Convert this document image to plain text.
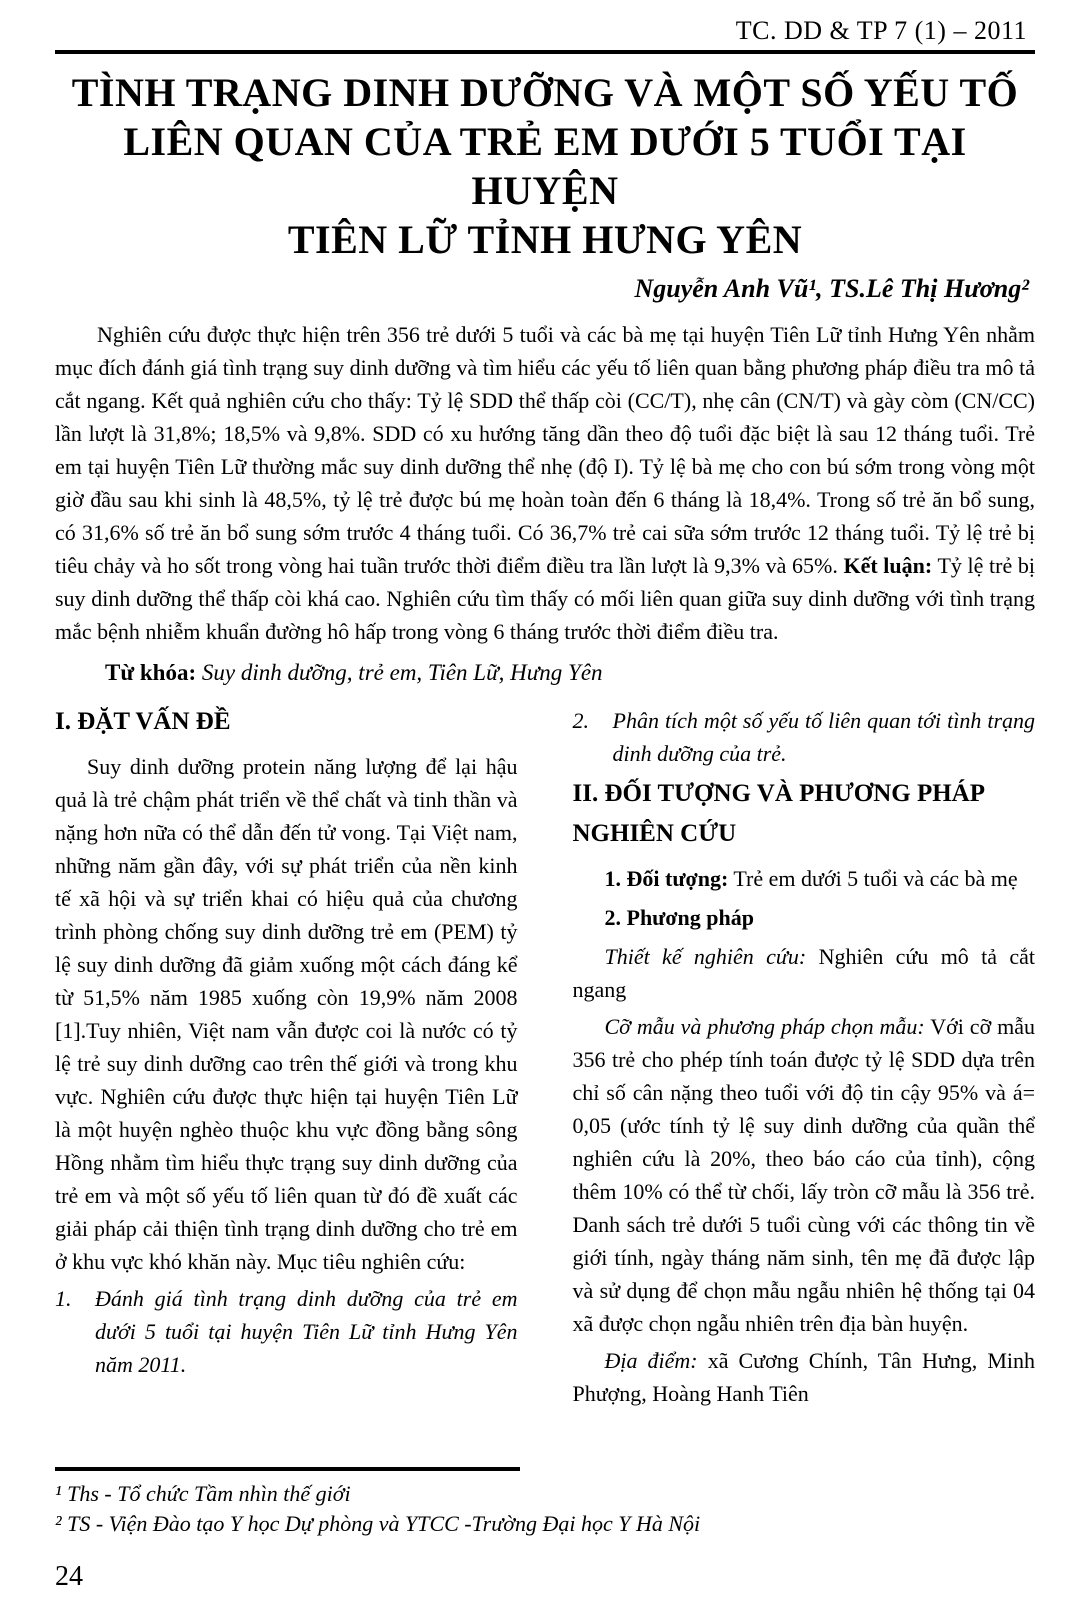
TC. DD & TP 7 (1) – 2011
TÌNH TRẠNG DINH DƯỠNG VÀ MỘT SỐ YẾU TỐ
LIÊN QUAN CỦA TRẺ EM DƯỚI 5 TUỔI TẠI HUYỆN
TIÊN LỮ TỈNH HƯNG YÊN
Nguyễn Anh Vũ¹, TS.Lê Thị Hương²

Nghiên cứu được thực hiện trên 356 trẻ dưới 5 tuổi và các bà mẹ tại huyện Tiên Lữ tỉnh Hưng Yên nhằm mục đích đánh giá tình trạng suy dinh dưỡng và tìm hiểu các yếu tố liên quan bằng phương pháp điều tra mô tả cắt ngang. Kết quả nghiên cứu cho thấy: Tỷ lệ SDD thể thấp còi (CC/T), nhẹ cân (CN/T) và gày còm (CN/CC) lần lượt là 31,8%; 18,5% và 9,8%. SDD có xu hướng tăng dần theo độ tuổi đặc biệt là sau 12 tháng tuổi. Trẻ em tại huyện Tiên Lữ thường mắc suy dinh dưỡng thể nhẹ (độ I). Tỷ lệ bà mẹ cho con bú sớm trong vòng một giờ đầu sau khi sinh là 48,5%, tỷ lệ trẻ được bú mẹ hoàn toàn đến 6 tháng là 18,4%. Trong số trẻ ăn bổ sung, có 31,6% số trẻ ăn bổ sung sớm trước 4 tháng tuổi. Có 36,7% trẻ cai sữa sớm trước 12 tháng tuổi. Tỷ lệ trẻ bị tiêu chảy và ho sốt trong vòng hai tuần trước thời điểm điều tra lần lượt là 9,3% và 65%. Kết luận: Tỷ lệ trẻ bị suy dinh dưỡng thể thấp còi khá cao. Nghiên cứu tìm thấy có mối liên quan giữa suy dinh dưỡng với tình trạng mắc bệnh nhiễm khuẩn đường hô hấp trong vòng 6 tháng trước thời điểm điều tra.

Từ khóa: Suy dinh dưỡng, trẻ em, Tiên Lữ, Hưng Yên

I. ĐẶT VẤN ĐỀ

Suy dinh dưỡng protein năng lượng để lại hậu quả là trẻ chậm phát triển về thể chất và tinh thần và nặng hơn nữa có thể dẫn đến tử vong. Tại Việt nam, những năm gần đây, với sự phát triển của nền kinh tế xã hội và sự triển khai có hiệu quả của chương trình phòng chống suy dinh dưỡng trẻ em (PEM) tỷ lệ suy dinh dưỡng đã giảm xuống một cách đáng kể từ 51,5% năm 1985 xuống còn 19,9% năm 2008 [1].Tuy nhiên, Việt nam vẫn được coi là nước có tỷ lệ trẻ suy dinh dưỡng cao trên thế giới và trong khu vực. Nghiên cứu được thực hiện tại huyện Tiên Lữ là một huyện nghèo thuộc khu vực đồng bằng sông Hồng nhằm tìm hiểu thực trạng suy dinh dưỡng của trẻ em và một số yếu tố liên quan từ đó đề xuất các giải pháp cải thiện tình trạng dinh dưỡng cho trẻ em ở khu vực khó khăn này. Mục tiêu nghiên cứu:

1.	Đánh giá tình trạng dinh dưỡng của trẻ em dưới 5 tuổi tại huyện Tiên Lữ tỉnh Hưng Yên năm 2011.
2.	Phân tích một số yếu tố liên quan tới tình trạng dinh dưỡng của trẻ.
II. ĐỐI TƯỢNG VÀ PHƯƠNG PHÁP NGHIÊN CỨU

1. Đối tượng: Trẻ em dưới 5 tuổi và các bà mẹ

2. Phương pháp

Thiết kế nghiên cứu: Nghiên cứu mô tả cắt ngang

Cỡ mẫu và phương pháp chọn mẫu: Với cỡ mẫu 356 trẻ cho phép tính toán được tỷ lệ SDD dựa trên chỉ số cân nặng theo tuổi với độ tin cậy 95% và á= 0,05 (ước tính tỷ lệ suy dinh dưỡng của quần thể nghiên cứu là 20%, theo báo cáo của tỉnh), cộng thêm 10% có thể từ chối, lấy tròn cỡ mẫu là 356 trẻ. Danh sách trẻ dưới 5 tuổi cùng với các thông tin về giới tính, ngày tháng năm sinh, tên mẹ đã được lập và sử dụng để chọn mẫu ngẫu nhiên hệ thống tại 04 xã được chọn ngẫu nhiên trên địa bàn huyện.

Địa điểm: xã Cương Chính, Tân Hưng, Minh Phượng, Hoàng Hanh Tiên

¹ Ths - Tổ chức Tầm nhìn thế giới
² TS - Viện Đào tạo Y học Dự phòng và YTCC -Trường Đại học Y Hà Nội
24
